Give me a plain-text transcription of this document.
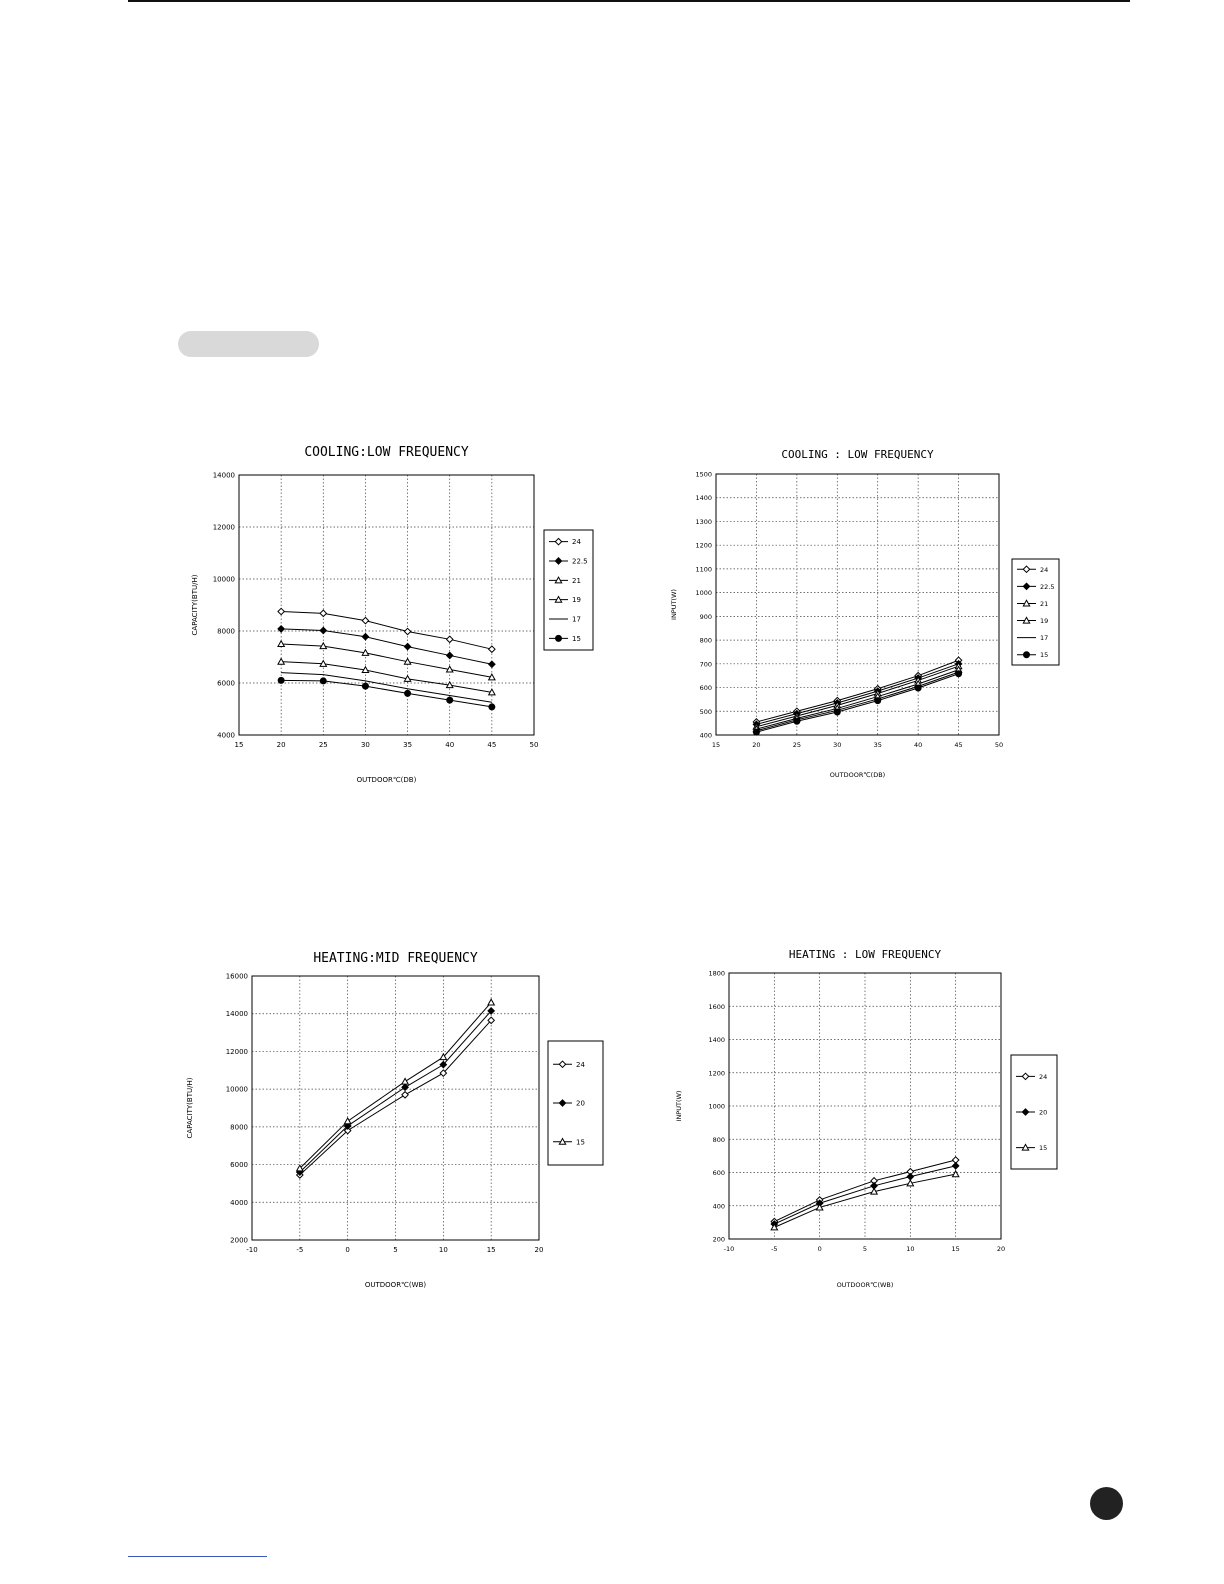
COOLING:LOW FREQUENCY
15	20	25	30	35	40	45	50
4000
6000
8000
10000
12000
14000
OUTDOOR℃(DB)
CAPACITY(BTU/H)
24
22.5
21
19
17
15
COOLING : LOW FREQUENCY
15	20	25	30	35	40	45	50
400
500
600
700
800
900
1000
1100
1200
1300
1400
1500
OUTDOOR℃(DB)
INPUT(W)
24
22.5
21
19
17
15
HEATING:MID FREQUENCY
-10	-5	0	5	10	15	20
2000
4000
6000
8000
10000
12000
14000
16000
OUTDOOR℃(WB)
CAPACITY(BTU/H)
24
20
15
HEATING : LOW FREQUENCY
-10	-5	0	5	10	15	20
200
400
600
800
1000
1200
1400
1600
1800
OUTDOOR℃(WB)
INPUT(W)
24
20
15
